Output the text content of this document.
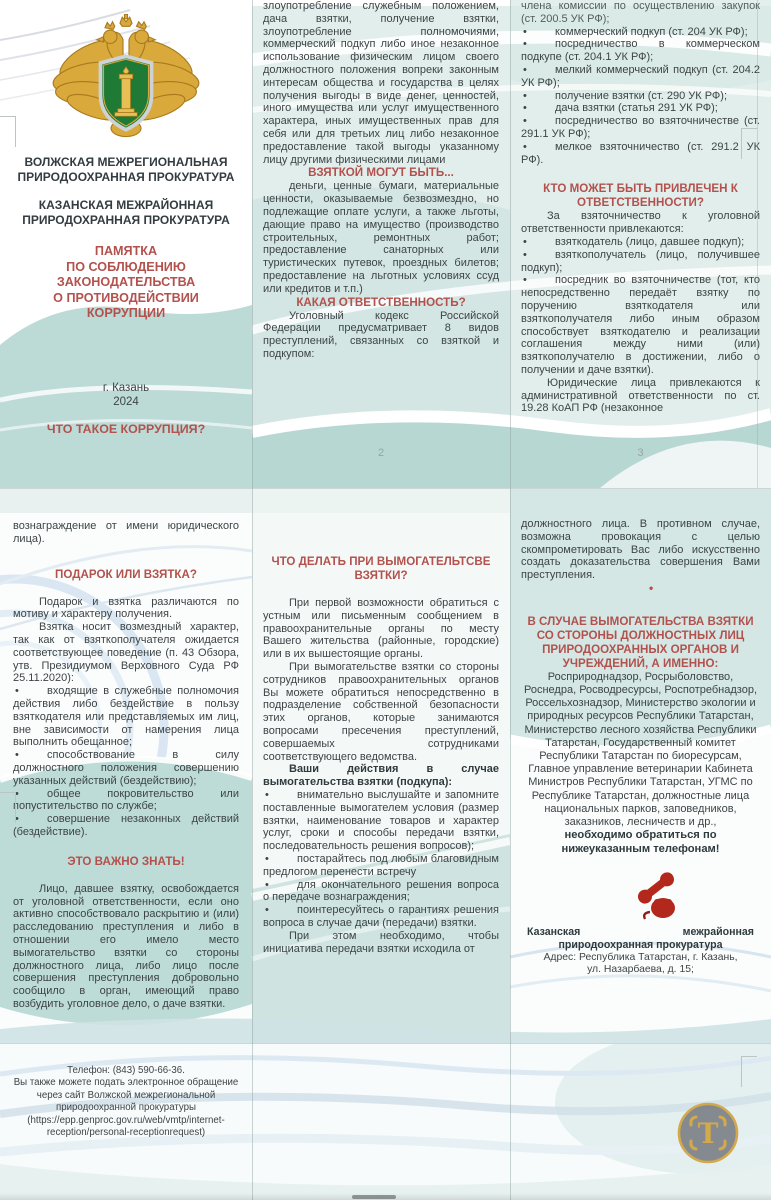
ВОЛЖСКАЯ МЕЖРЕГИОНАЛЬНАЯ ПРИРОДООХРАННАЯ ПРОКУРАТУРА

КАЗАНСКАЯ МЕЖРАЙОННАЯ ПРИРОДОХРАННАЯ ПРОКУРАТУРА

ПАМЯТКА
ПО СОБЛЮДЕНИЮ ЗАКОНОДАТЕЛЬСТВА
О ПРОТИВОДЕЙСТВИИ КОРРУПЦИИ
г. Казань
2024
ЧТО ТАКОЕ КОРРУПЦИЯ?

злоупотребление служебным положением, дача взятки, получение взятки, злоупотребление полномочиями, коммерческий подкуп либо иное незаконное использование физическим лицом своего должностного положения вопреки законным интересам общества и государства в целях получения выгоды в виде денег, ценностей, иного имущества или услуг имущественного характера, иных имущественных прав для себя или для третьих лиц либо незаконное предоставление такой выгоды указанному лицу другими физическими лицами

ВЗЯТКОЙ МОГУТ БЫТЬ...

деньги, ценные бумаги, материальные ценности, оказываемые безвозмездно, но подлежащие оплате услуги, а также льготы, дающие право на имущество (производство строительных, ремонтных работ; предоставление санаторных или туристических путевок, проездных билетов; предоставление на льготных условиях ссуд или кредитов и т.п.)

КАКАЯ ОТВЕТСТВЕННОСТЬ?

Уголовный кодекс Российской Федерации предусматривает 8 видов преступлений, связанных со взяткой и подкупом:

2

члена комиссии по осуществлению закупок (ст. 200.5 УК РФ);

• коммерческий подкуп (ст. 204 УК РФ);

• посредничество в коммерческом подкупе (ст. 204.1 УК РФ);

• мелкий коммерческий подкуп (ст. 204.2 УК РФ);

• получение взятки (ст. 290 УК РФ);

• дача взятки (статья 291 УК РФ);

• посредничество во взяточничестве (ст. 291.1 УК РФ);

• мелкое взяточничество (ст. 291.2 УК РФ).

КТО МОЖЕТ БЫТЬ ПРИВЛЕЧЕН К ОТВЕТСТВЕННОСТИ?

За взяточничество к уголовной ответственности привлекаются:

• взяткодатель (лицо, давшее подкуп);

• взяткополучатель (лицо, получившее подкуп);

• посредник во взяточничестве (тот, кто непосредственно передаёт взятку по поручению взяткодателя или взяткополучателя либо иным образом способствует взяткодателю и реализации соглашения между ними (или) взяткополучателю в достижении, либо о получении и даче взятки).

Юридические лица привлекаются к административной ответственности по ст. 19.28 КоАП РФ (незаконное

3

вознаграждение от имени юридического лица).

ПОДАРОК ИЛИ ВЗЯТКА?

Подарок и взятка различаются по мотиву и характеру получения.

Взятка носит возмездный характер, так как от взяткополучателя ожидается соответствующее поведение (п. 43 Обзора, утв. Президиумом Верховного Суда РФ 25.11.2020):

• входящие в служебные полномочия действия либо бездействие в пользу взяткодателя или представляемых им лиц, вне зависимости от намерения лица выполнить обещанное;

• способствование в силу должностного положения совершению указанных действий (бездействию);

• общее покровительство или попустительство по службе;

• совершение незаконных действий (бездействие).

ЭТО ВАЖНО ЗНАТЬ!

Лицо, давшее взятку, освобождается от уголовной ответственности, если оно активно способствовало раскрытию и (или) расследованию преступления и либо в отношении его имело место вымогательство взятки со стороны должностного лица, либо лицо после совершения преступления добровольно сообщило в орган, имеющий право возбудить уголовное дело, о даче взятки.

ЧТО ДЕЛАТЬ ПРИ ВЫМОГАТЕЛЬТСВЕ ВЗЯТКИ?

При первой возможности обратиться с устным или письменным сообщением в правоохранительные органы по месту Вашего жительства (районные, городские) или в их вышестоящие органы.

При вымогательстве взятки со стороны сотрудников правоохранительных органов Вы можете обратиться непосредственно в подразделение собственной безопасности этих органов, которые занимаются вопросами пресечения преступлений, совершаемых сотрудниками соответствующего ведомства.

Ваши действия в случае вымогательства взятки (подкупа):

• внимательно выслушайте и запомните поставленные вымогателем условия (размер взятки, наименование товаров и характер услуг, сроки и способы передачи взятки, последовательность решения вопросов);

• постарайтесь под любым благовидным предлогом перенести встречу

• для окончательного решения вопроса о передаче вознаграждения;

• поинтересуйтесь о гарантиях решения вопроса в случае дачи (передачи) взятки.

При этом необходимо, чтобы инициатива передачи взятки исходила от

должностного лица. В противном случае, возможна провокация с целью скомпрометировать Вас либо искусственно создать доказательства совершения Вами преступления.

•

В СЛУЧАЕ ВЫМОГАТЕЛЬСТВА ВЗЯТКИ СО СТОРОНЫ ДОЛЖНОСТНЫХ ЛИЦ ПРИРОДООХРАННЫХ ОРГАНОВ И УЧРЕЖДЕНИЙ, А ИМЕННО:

Росприроднадзор, Росрыболовство, Роснедра, Росводресурсы, Роспотребнадзор, Россельхознадзор, Министерство экологии и природных ресурсов Республики Татарстан, Министерство лесного хозяйства Республики Татарстан, Государственный комитет Республики Татарстан по биоресурсам, Главное управление ветеринарии Кабинета Министров Республики Татарстан, УГМС по Республике Татарстан, должностные лица национальных парков, заповедников, заказников, лесничеств и др.,

необходимо обратиться по нижеуказанным телефонам!

Казанская	межрайонная
природоохранная прокуратура
Адрес: Республика Татарстан, г. Казань,
ул. Назарбаева, д. 15;
Телефон: (843) 590-66-36.
Вы также можете подать электронное обращение
через сайт Волжской межрегиональной
природоохранной прокуратуры
(https://epp.genproc.gov.ru/web/vmtp/internet-
reception/personal-receptionrequest)	T
